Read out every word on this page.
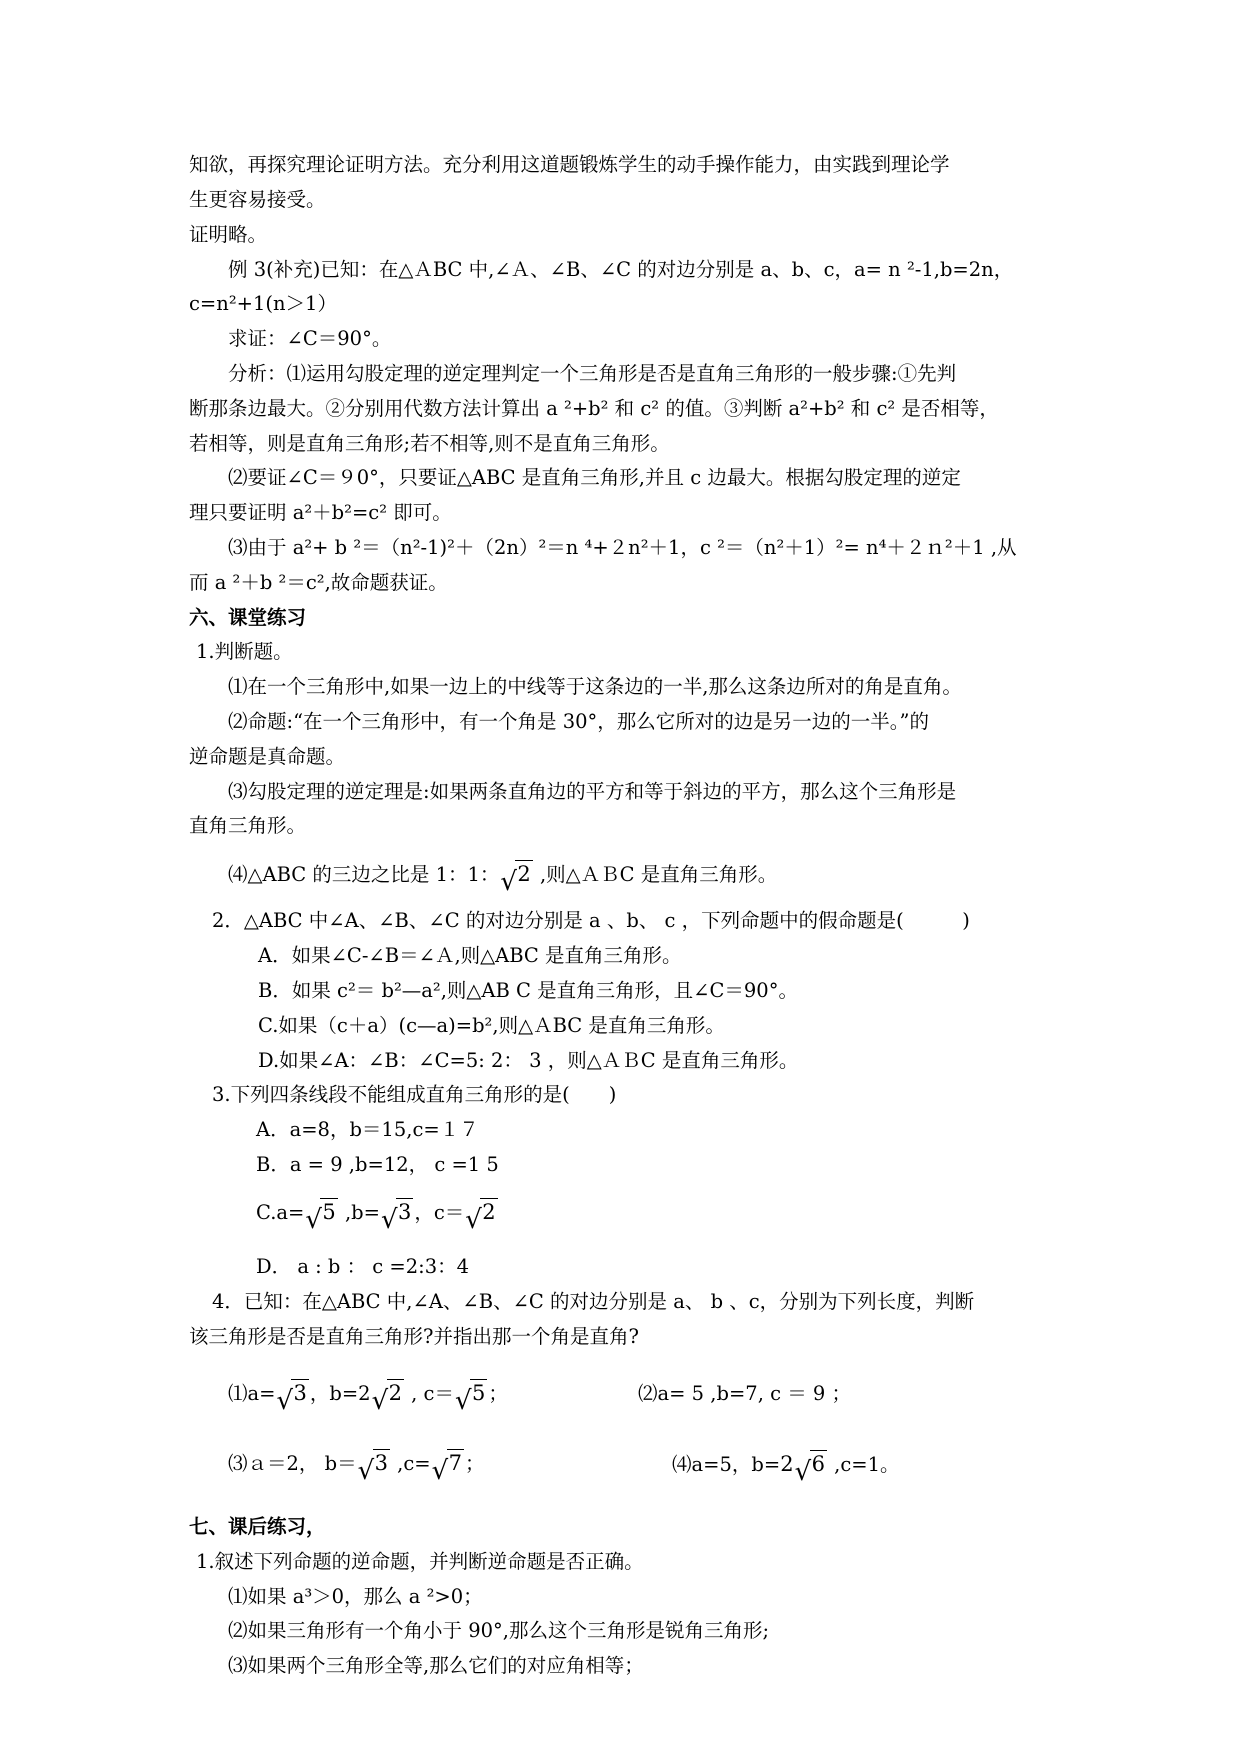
知欲，再探究理论证明方法。充分利用这道题锻炼学生的动手操作能力，由实践到理论学
生更容易接受。
证明略。
例 3(补充)已知：在△ＡBC 中,∠Ａ、∠B、∠C 的对边分别是 a、b、c，a= n ²-1,b=2n，
c=n²+1(n＞1）
求证：∠C＝90°。
分析：⑴运用勾股定理的逆定理判定一个三角形是否是直角三角形的一般步骤:①先判
断那条边最大。②分别用代数方法计算出 a ²+b² 和 c² 的值。③判断 a²+b² 和 c² 是否相等，
若相等，则是直角三角形;若不相等,则不是直角三角形。
⑵要证∠C＝９0°，只要证△ABC 是直角三角形,并且 c 边最大。根据勾股定理的逆定
理只要证明 a²＋b²=c² 即可。
⑶由于 a²+ b ²＝（n²-1)²＋（2n）²＝n ⁴+２n²＋1，c ²＝（n²＋1）²= n⁴＋２ｎ²＋1 ,从
而 a ²＋b ²＝c²,故命题获证。
六、课堂练习
1.判断题。
⑴在一个三角形中,如果一边上的中线等于这条边的一半,那么这条边所对的角是直角。
⑵命题:“在一个三角形中，有一个角是 30°，那么它所对的边是另一边的一半。”的
逆命题是真命题。
⑶勾股定理的逆定理是:如果两条直角边的平方和等于斜边的平方，那么这个三角形是
直角三角形。
⑷△ABC 的三边之比是 1：1： √ 2 ,则△ＡＢC 是直角三角形。
2．△ABC 中∠A、∠B、∠C 的对边分别是 a 、b、 c ，下列命题中的假命题是(　　　)
A．如果∠C-∠B＝∠Ａ,则△ABC 是直角三角形。
B．如果 c²＝ b²—a²,则△AB C 是直角三角形，且∠C＝90°。
C.如果（c＋a）(c—a)=b²,则△ＡBC 是直角三角形。
D.如果∠A：∠B：∠C=5: 2： 3 ，则△ＡＢC 是直角三角形。
3.下列四条线段不能组成直角三角形的是(　　)
A．a=8，b＝15,c=１７
B．a = 9 ,b=12， c =1 5
C.a= √ 5 ,b= √ 3 ，c＝ √ 2
D． a : b ： c =2:3：4
4．已知：在△ABC 中,∠A、∠B、∠C 的对边分别是 a、 b 、c，分别为下列长度，判断
该三角形是否是直角三角形?并指出那一个角是直角?
⑴a= √ 3 ，b=2 √ 2 , c＝ √ 5 ；	⑵a= 5 ,b=7, c ＝ 9 ；
⑶ａ＝2， b＝ √ 3 ,c= √ 7 ；	⑷a=5，b=2 √ 6 ,c=1。
七、课后练习，
1.叙述下列命题的逆命题，并判断逆命题是否正确。
⑴如果 a³＞0，那么 a ²>0；
⑵如果三角形有一个角小于 90°,那么这个三角形是锐角三角形;
⑶如果两个三角形全等,那么它们的对应角相等；
